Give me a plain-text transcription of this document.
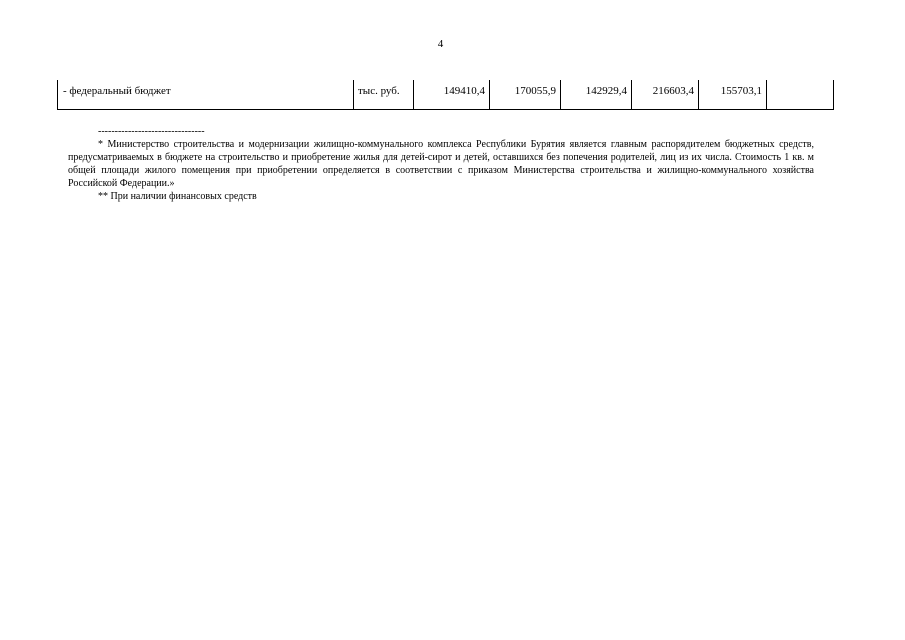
4
- федеральный бюджет	тыс. руб.	149410,4	170055,9	142929,4	216603,4	155703,1	

--------------------------------

* Министерство строительства и модернизации жилищно-коммунального комплекса Республики Бурятия является главным распорядителем бюджетных средств, предусматриваемых в бюджете на строительство и приобретение жилья для детей-сирот и детей, оставшихся без попечения родителей, лиц из их числа. Стоимость 1 кв. м общей площади жилого помещения при приобретении определяется в соответствии с приказом Министерства строительства и жилищно-коммунального хозяйства Российской Федерации.»

** При наличии финансовых средств
